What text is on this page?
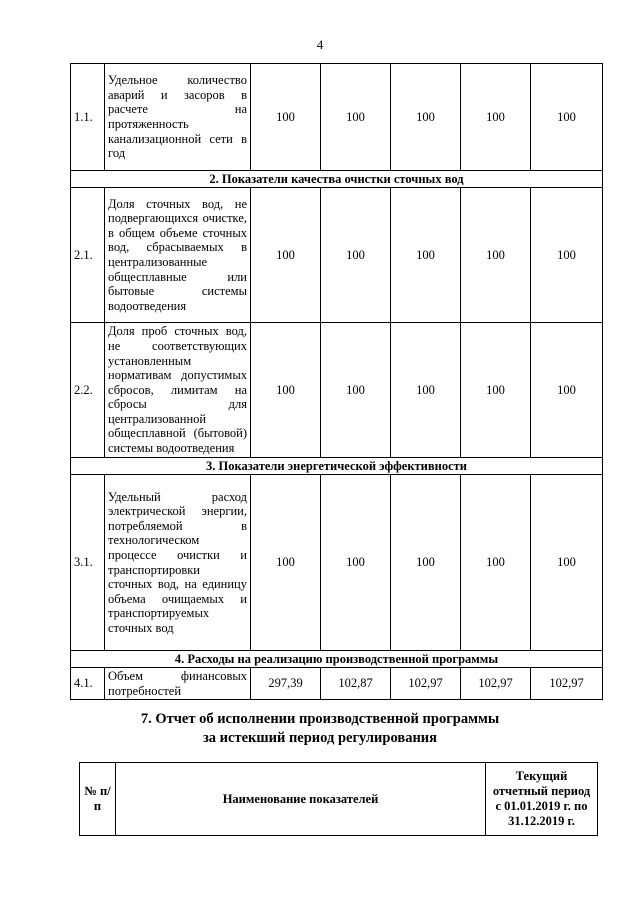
4
1.1.	Удельное количество аварий и засоров в расчете на протяженность канализационной сети в год	100	100	100	100	100
2. Показатели качества очистки сточных вод						
2.1.	Доля сточных вод, не подвергающихся очистке, в общем объеме сточных вод, сбрасываемых в централизованные общесплавные или бытовые системы водоотведения	100	100	100	100	100
2.2.	Доля проб сточных вод, не соответствующих установленным нормативам допустимых сбросов, лимитам на сбросы для централизованной общесплавной (бытовой) системы водоотведения	100	100	100	100	100
3. Показатели энергетической эффективности						
3.1.	Удельный расход электрической энергии, потребляемой в технологическом процессе очистки и транспортировки сточных вод, на единицу объема очищаемых и транспортируемых сточных вод	100	100	100	100	100
4. Расходы на реализацию производственной программы						
4.1.	Объем финансовых потребностей	297,39	102,87	102,97	102,97	102,97
7. Отчет об исполнении производственной программы
за истекший период регулирования
№ п/п	Наименование показателей	Текущий отчетный период с 01.01.2019 г. по 31.12.2019 г.
